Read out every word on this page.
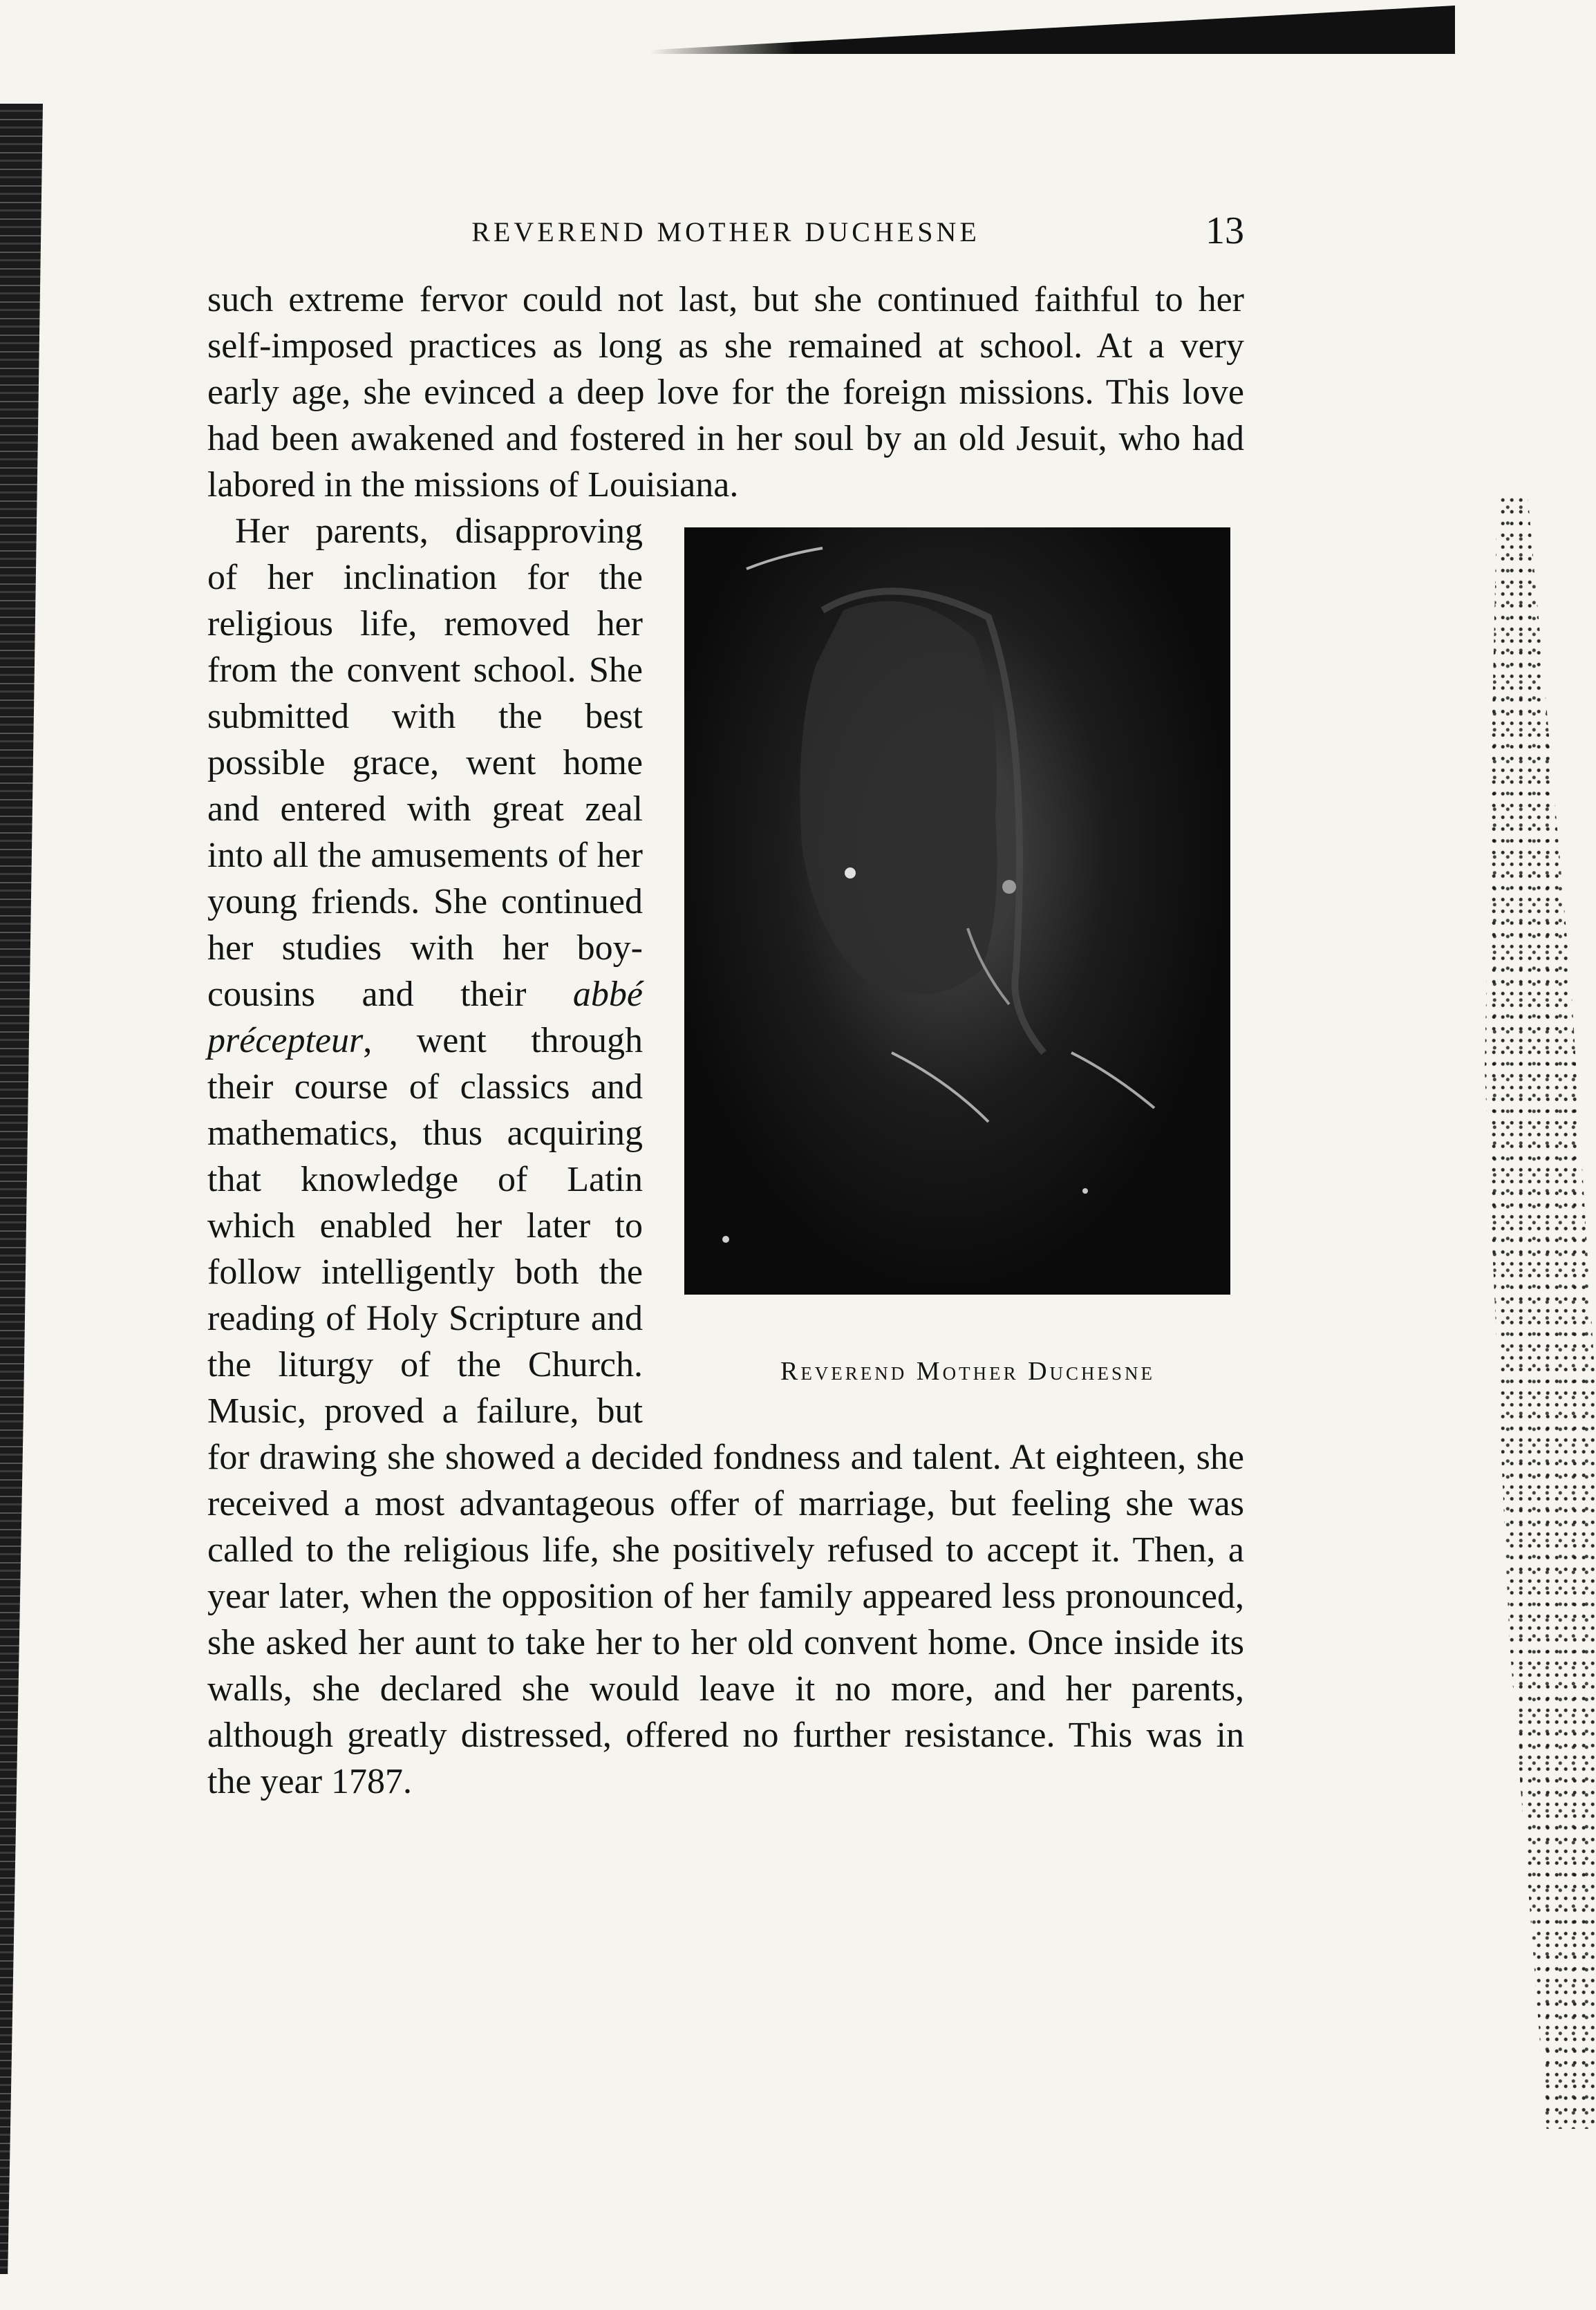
REVEREND MOTHER DUCHESNE	13

such extreme fervor could not last, but she continued faithful to her self-imposed practices as long as she remained at school. At a very early age, she evinced a deep love for the foreign missions. This love had been awakened and fostered in her soul by an old Jesuit, who had labored in the missions of Louisiana.

Reverend Mother Duchesne
Her parents, disapproving of her inclination for the religious life, removed her from the convent school. She submitted with the best possible grace, went home and entered with great zeal into all the amusements of her young friends. She continued her studies with her boy-cousins and their abbé précepteur, went through their course of classics and mathematics, thus acquiring that knowledge of Latin which enabled her later to follow intelligently both the reading of Holy Scripture and the liturgy of the Church. Music, proved a failure, but for drawing she showed a decided fondness and talent. At eighteen, she received a most advantageous offer of marriage, but feeling she was called to the religious life, she positively refused to accept it. Then, a year later, when the opposition of her family appeared less pronounced, she asked her aunt to take her to her old convent home. Once inside its walls, she declared she would leave it no more, and her parents, although greatly distressed, offered no further resistance. This was in the year 1787.
